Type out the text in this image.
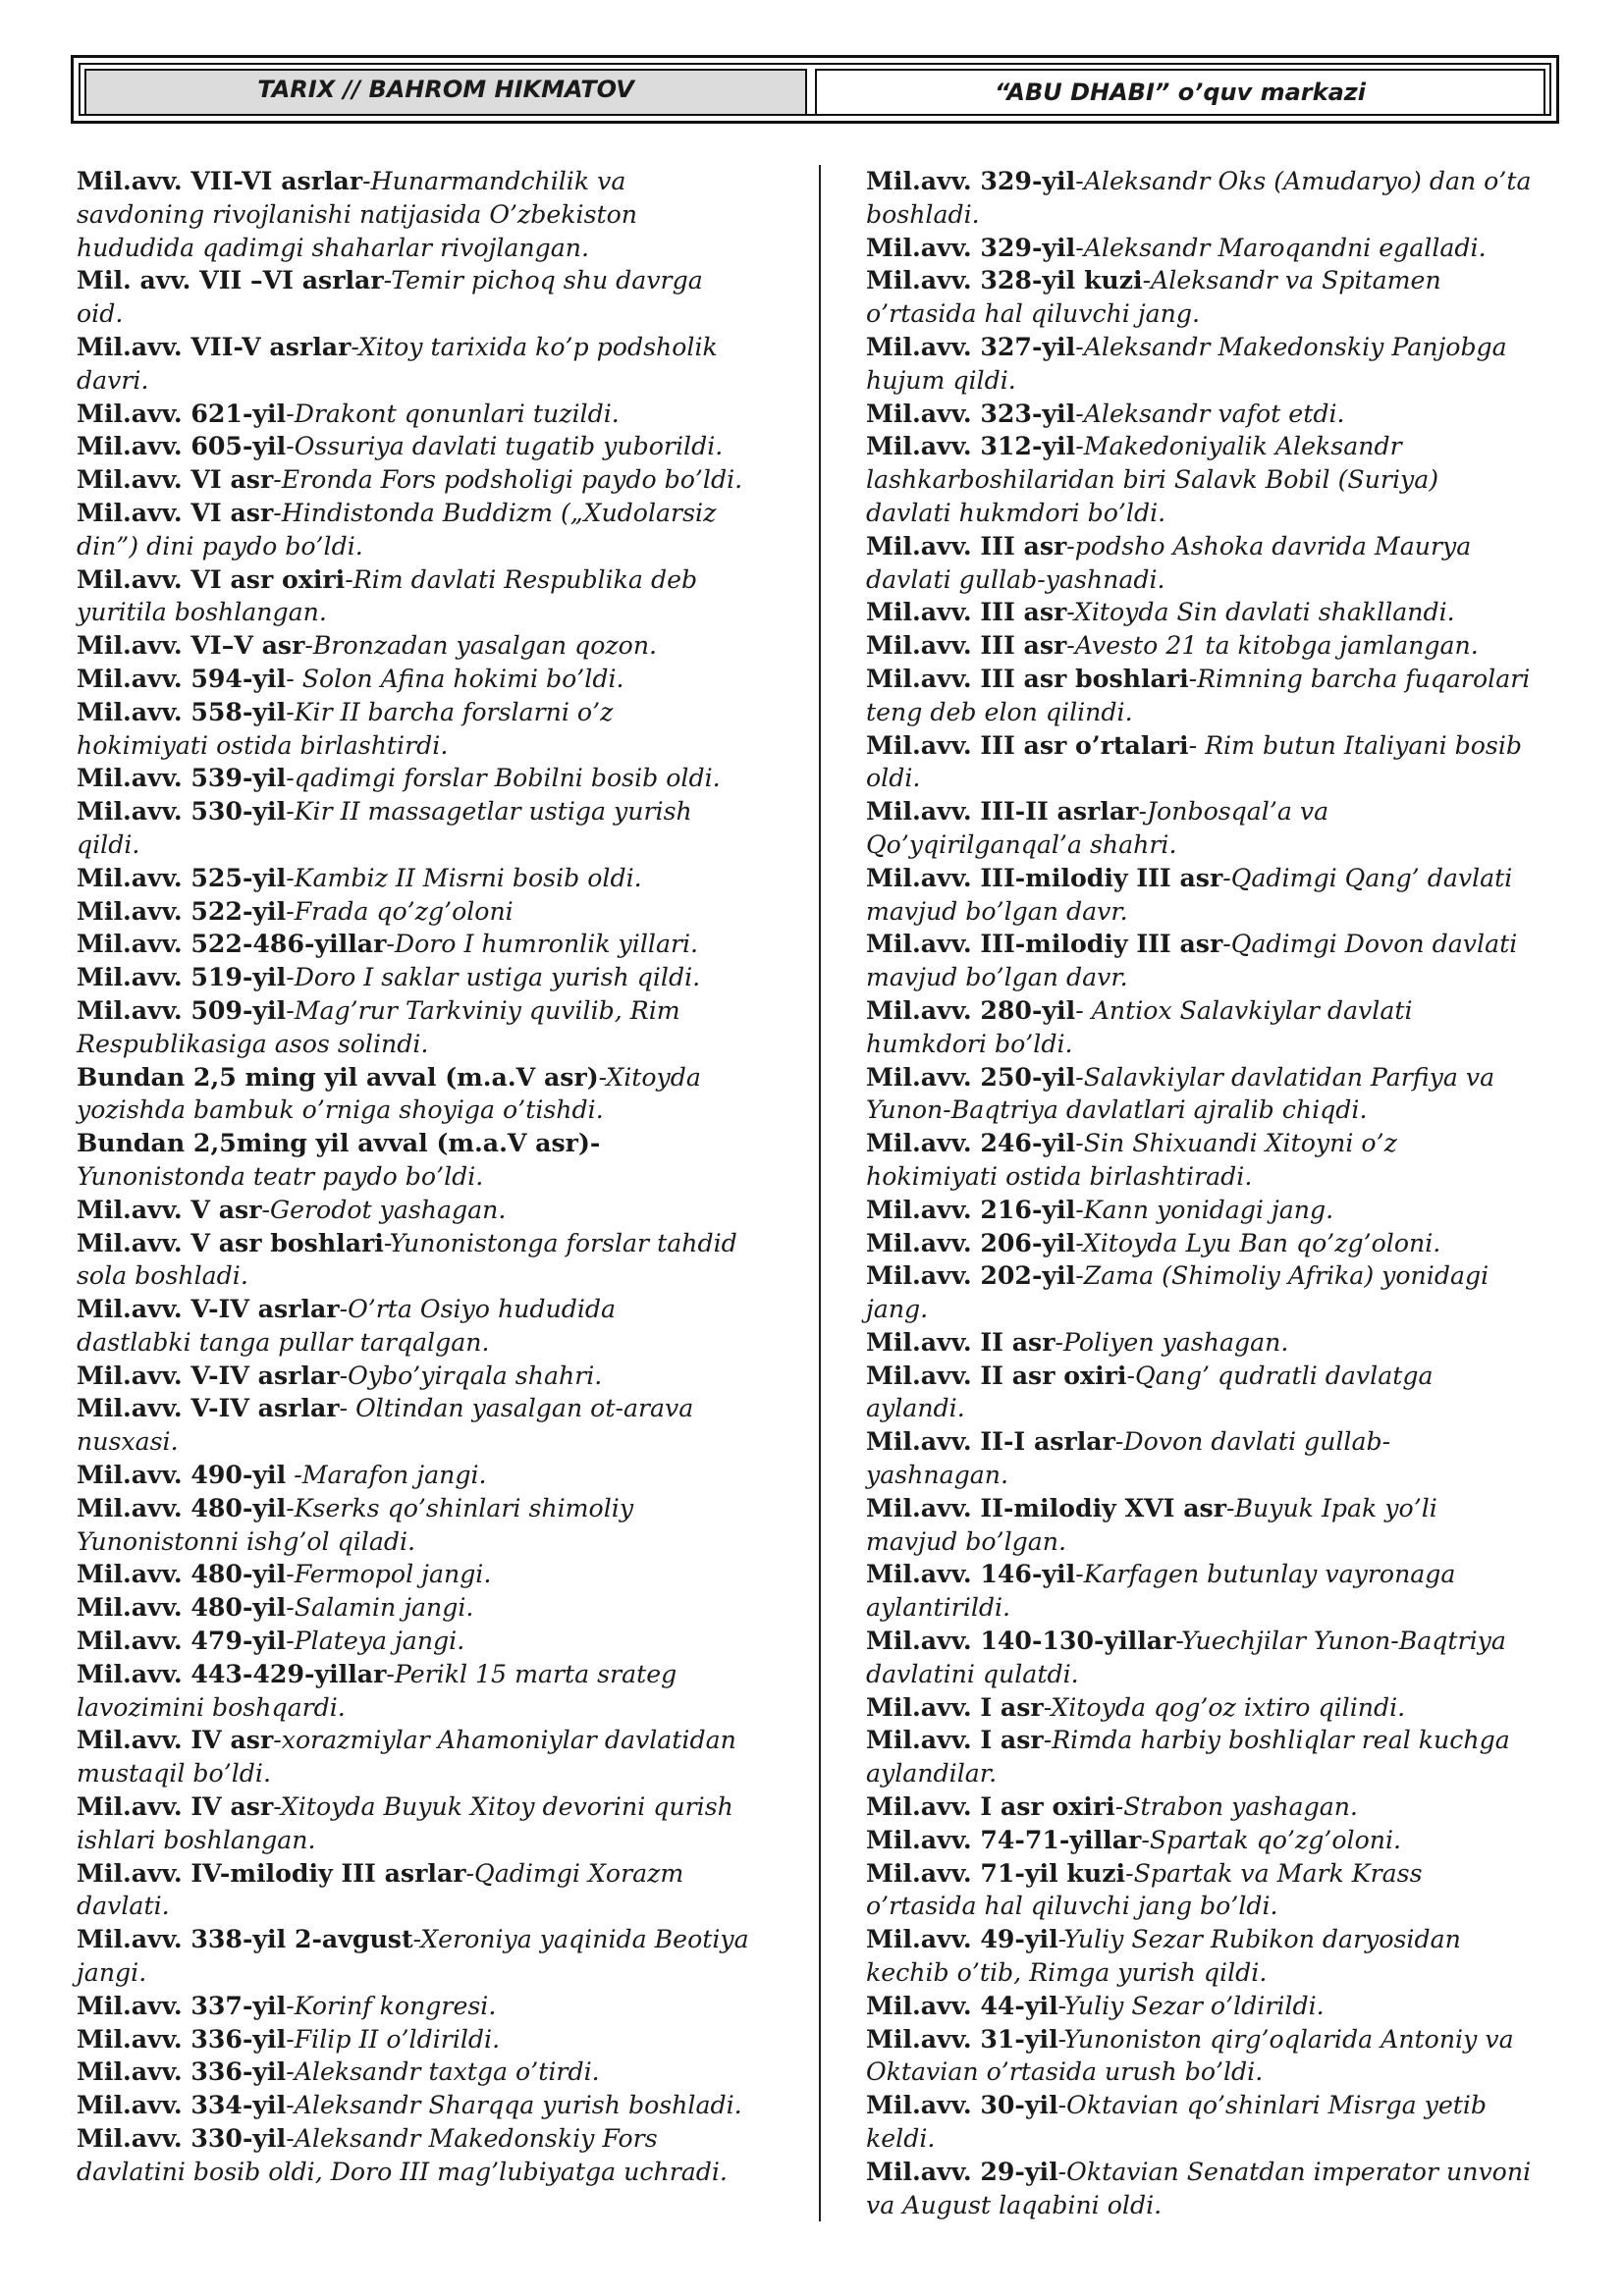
TARIX // BAHROM HIKMATOV	“ABU DHABI” o’quv markazi
Mil.avv. VII-VI asrlar-Hunarmandchilik va
savdoning rivojlanishi natijasida O’zbekiston
hududida qadimgi shaharlar rivojlangan.
Mil. avv. VII –VI asrlar-Temir pichoq shu davrga
oid.
Mil.avv. VII-V asrlar-Xitoy tarixida ko’p podsholik
davri.
Mil.avv. 621-yil-Drakont qonunlari tuzildi.
Mil.avv. 605-yil-Ossuriya davlati tugatib yuborildi.
Mil.avv. VI asr-Eronda Fors podsholigi paydo bo’ldi.
Mil.avv. VI asr-Hindistonda Buddizm („Xudolarsiz
din”) dini paydo bo’ldi.
Mil.avv. VI asr oxiri-Rim davlati Respublika deb
yuritila boshlangan.
Mil.avv. VI–V asr-Bronzadan yasalgan qozon.
Mil.avv. 594-yil- Solon Afina hokimi bo’ldi.
Mil.avv. 558-yil-Kir II barcha forslarni o’z
hokimiyati ostida birlashtirdi.
Mil.avv. 539-yil-qadimgi forslar Bobilni bosib oldi.
Mil.avv. 530-yil-Kir II massagetlar ustiga yurish
qildi.
Mil.avv. 525-yil-Kambiz II Misrni bosib oldi.
Mil.avv. 522-yil-Frada qo’zg’oloni
Mil.avv. 522-486-yillar-Doro I humronlik yillari.
Mil.avv. 519-yil-Doro I saklar ustiga yurish qildi.
Mil.avv. 509-yil-Mag’rur Tarkviniy quvilib, Rim
Respublikasiga asos solindi.
Bundan 2,5 ming yil avval (m.a.V asr)-Xitoyda
yozishda bambuk o’rniga shoyiga o’tishdi.
Bundan 2,5ming yil avval (m.a.V asr)-
Yunonistonda teatr paydo bo’ldi.
Mil.avv. V asr-Gerodot yashagan.
Mil.avv. V asr boshlari-Yunonistonga forslar tahdid
sola boshladi.
Mil.avv. V-IV asrlar-O’rta Osiyo hududida
dastlabki tanga pullar tarqalgan.
Mil.avv. V-IV asrlar-Oybo’yirqala shahri.
Mil.avv. V-IV asrlar- Oltindan yasalgan ot-arava
nusxasi.
Mil.avv. 490-yil -Marafon jangi.
Mil.avv. 480-yil-Kserks qo’shinlari shimoliy
Yunonistonni ishg’ol qiladi.
Mil.avv. 480-yil-Fermopol jangi.
Mil.avv. 480-yil-Salamin jangi.
Mil.avv. 479-yil-Plateya jangi.
Mil.avv. 443-429-yillar-Perikl 15 marta srateg
lavozimini boshqardi.
Mil.avv. IV asr-xorazmiylar Ahamoniylar davlatidan
mustaqil bo’ldi.
Mil.avv. IV asr-Xitoyda Buyuk Xitoy devorini qurish
ishlari boshlangan.
Mil.avv. IV-milodiy III asrlar-Qadimgi Xorazm
davlati.
Mil.avv. 338-yil 2-avgust-Xeroniya yaqinida Beotiya
jangi.
Mil.avv. 337-yil-Korinf kongresi.
Mil.avv. 336-yil-Filip II o’ldirildi.
Mil.avv. 336-yil-Aleksandr taxtga o’tirdi.
Mil.avv. 334-yil-Aleksandr Sharqqa yurish boshladi.
Mil.avv. 330-yil-Aleksandr Makedonskiy Fors
davlatini bosib oldi, Doro III mag’lubiyatga uchradi.
Mil.avv. 329-yil-Aleksandr Oks (Amudaryo) dan o’ta
boshladi.
Mil.avv. 329-yil-Aleksandr Maroqandni egalladi.
Mil.avv. 328-yil kuzi-Aleksandr va Spitamen
o’rtasida hal qiluvchi jang.
Mil.avv. 327-yil-Aleksandr Makedonskiy Panjobga
hujum qildi.
Mil.avv. 323-yil-Aleksandr vafot etdi.
Mil.avv. 312-yil-Makedoniyalik Aleksandr
lashkarboshilaridan biri Salavk Bobil (Suriya)
davlati hukmdori bo’ldi.
Mil.avv. III asr-podsho Ashoka davrida Maurya
davlati gullab-yashnadi.
Mil.avv. III asr-Xitoyda Sin davlati shakllandi.
Mil.avv. III asr-Avesto 21 ta kitobga jamlangan.
Mil.avv. III asr boshlari-Rimning barcha fuqarolari
teng deb elon qilindi.
Mil.avv. III asr o’rtalari- Rim butun Italiyani bosib
oldi.
Mil.avv. III-II asrlar-Jonbosqal’a va
Qo’yqirilganqal’a shahri.
Mil.avv. III-milodiy III asr-Qadimgi Qang’ davlati
mavjud bo’lgan davr.
Mil.avv. III-milodiy III asr-Qadimgi Dovon davlati
mavjud bo’lgan davr.
Mil.avv. 280-yil- Antiox Salavkiylar davlati
humkdori bo’ldi.
Mil.avv. 250-yil-Salavkiylar davlatidan Parfiya va
Yunon-Baqtriya davlatlari ajralib chiqdi.
Mil.avv. 246-yil-Sin Shixuandi Xitoyni o’z
hokimiyati ostida birlashtiradi.
Mil.avv. 216-yil-Kann yonidagi jang.
Mil.avv. 206-yil-Xitoyda Lyu Ban qo’zg’oloni.
Mil.avv. 202-yil-Zama (Shimoliy Afrika) yonidagi
jang.
Mil.avv. II asr-Poliyen yashagan.
Mil.avv. II asr oxiri-Qang’ qudratli davlatga
aylandi.
Mil.avv. II-I asrlar-Dovon davlati gullab-
yashnagan.
Mil.avv. II-milodiy XVI asr-Buyuk Ipak yo’li
mavjud bo’lgan.
Mil.avv. 146-yil-Karfagen butunlay vayronaga
aylantirildi.
Mil.avv. 140-130-yillar-Yuechjilar Yunon-Baqtriya
davlatini qulatdi.
Mil.avv. I asr-Xitoyda qog’oz ixtiro qilindi.
Mil.avv. I asr-Rimda harbiy boshliqlar real kuchga
aylandilar.
Mil.avv. I asr oxiri-Strabon yashagan.
Mil.avv. 74-71-yillar-Spartak qo’zg’oloni.
Mil.avv. 71-yil kuzi-Spartak va Mark Krass
o’rtasida hal qiluvchi jang bo’ldi.
Mil.avv. 49-yil-Yuliy Sezar Rubikon daryosidan
kechib o’tib, Rimga yurish qildi.
Mil.avv. 44-yil-Yuliy Sezar o’ldirildi.
Mil.avv. 31-yil-Yunoniston qirg’oqlarida Antoniy va
Oktavian o’rtasida urush bo’ldi.
Mil.avv. 30-yil-Oktavian qo’shinlari Misrga yetib
keldi.
Mil.avv. 29-yil-Oktavian Senatdan imperator unvoni
va August laqabini oldi.
